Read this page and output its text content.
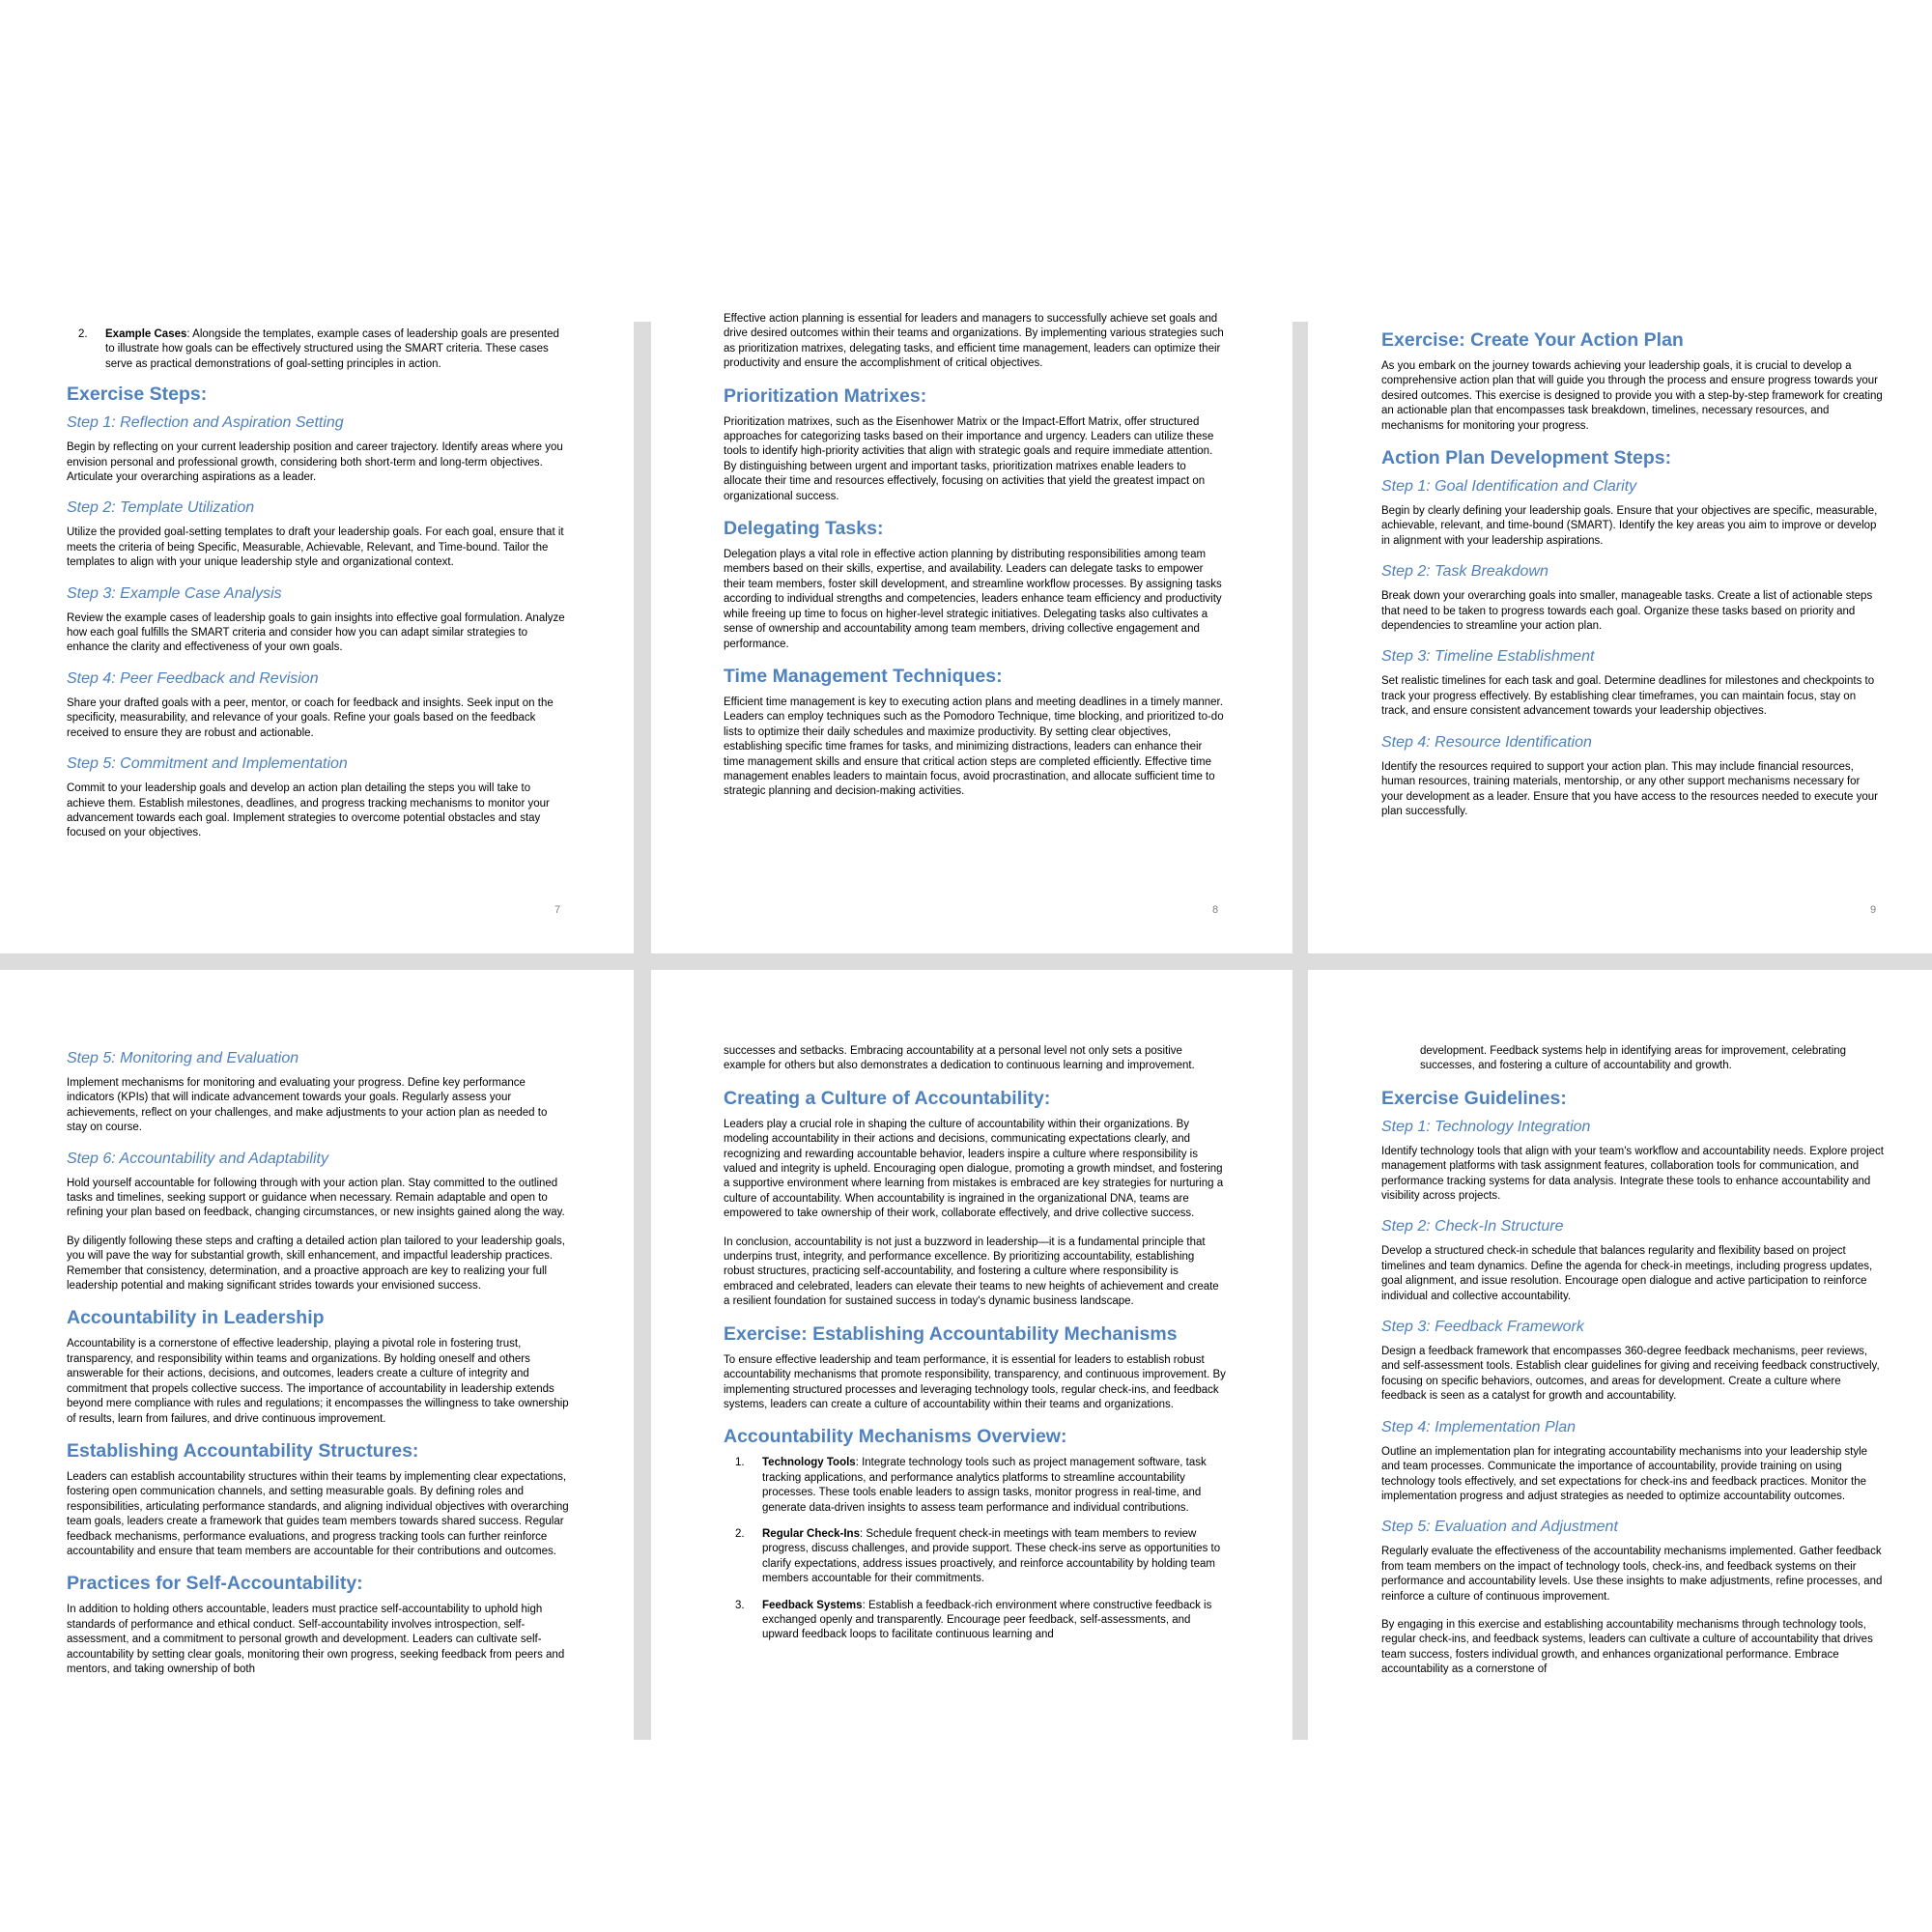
2. Example Cases: Alongside the templates, example cases of leadership goals are presented to illustrate how goals can be effectively structured using the SMART criteria. These cases serve as practical demonstrations of goal-setting principles in action.
Exercise Steps:
Step 1: Reflection and Aspiration Setting

Begin by reflecting on your current leadership position and career trajectory. Identify areas where you envision personal and professional growth, considering both short-term and long-term objectives. Articulate your overarching aspirations as a leader.

Step 2: Template Utilization

Utilize the provided goal-setting templates to draft your leadership goals. For each goal, ensure that it meets the criteria of being Specific, Measurable, Achievable, Relevant, and Time-bound. Tailor the templates to align with your unique leadership style and organizational context.

Step 3: Example Case Analysis

Review the example cases of leadership goals to gain insights into effective goal formulation. Analyze how each goal fulfills the SMART criteria and consider how you can adapt similar strategies to enhance the clarity and effectiveness of your own goals.

Step 4: Peer Feedback and Revision

Share your drafted goals with a peer, mentor, or coach for feedback and insights. Seek input on the specificity, measurability, and relevance of your goals. Refine your goals based on the feedback received to ensure they are robust and actionable.

Step 5: Commitment and Implementation

Commit to your leadership goals and develop an action plan detailing the steps you will take to achieve them. Establish milestones, deadlines, and progress tracking mechanisms to monitor your advancement towards each goal. Implement strategies to overcome potential obstacles and stay focused on your objectives.

7

Effective action planning is essential for leaders and managers to successfully achieve set goals and drive desired outcomes within their teams and organizations. By implementing various strategies such as prioritization matrixes, delegating tasks, and efficient time management, leaders can optimize their productivity and ensure the accomplishment of critical objectives.

Prioritization Matrixes:

Prioritization matrixes, such as the Eisenhower Matrix or the Impact-Effort Matrix, offer structured approaches for categorizing tasks based on their importance and urgency. Leaders can utilize these tools to identify high-priority activities that align with strategic goals and require immediate attention. By distinguishing between urgent and important tasks, prioritization matrixes enable leaders to allocate their time and resources effectively, focusing on activities that yield the greatest impact on organizational success.

Delegating Tasks:

Delegation plays a vital role in effective action planning by distributing responsibilities among team members based on their skills, expertise, and availability. Leaders can delegate tasks to empower their team members, foster skill development, and streamline workflow processes. By assigning tasks according to individual strengths and competencies, leaders enhance team efficiency and productivity while freeing up time to focus on higher-level strategic initiatives. Delegating tasks also cultivates a sense of ownership and accountability among team members, driving collective engagement and performance.

Time Management Techniques:

Efficient time management is key to executing action plans and meeting deadlines in a timely manner. Leaders can employ techniques such as the Pomodoro Technique, time blocking, and prioritized to-do lists to optimize their daily schedules and maximize productivity. By setting clear objectives, establishing specific time frames for tasks, and minimizing distractions, leaders can enhance their time management skills and ensure that critical action steps are completed efficiently. Effective time management enables leaders to maintain focus, avoid procrastination, and allocate sufficient time to strategic planning and decision-making activities.

8
Exercise: Create Your Action Plan

As you embark on the journey towards achieving your leadership goals, it is crucial to develop a comprehensive action plan that will guide you through the process and ensure progress towards your desired outcomes. This exercise is designed to provide you with a step-by-step framework for creating an actionable plan that encompasses task breakdown, timelines, necessary resources, and mechanisms for monitoring your progress.

Action Plan Development Steps:
Step 1: Goal Identification and Clarity

Begin by clearly defining your leadership goals. Ensure that your objectives are specific, measurable, achievable, relevant, and time-bound (SMART). Identify the key areas you aim to improve or develop in alignment with your leadership aspirations.

Step 2: Task Breakdown

Break down your overarching goals into smaller, manageable tasks. Create a list of actionable steps that need to be taken to progress towards each goal. Organize these tasks based on priority and dependencies to streamline your action plan.

Step 3: Timeline Establishment

Set realistic timelines for each task and goal. Determine deadlines for milestones and checkpoints to track your progress effectively. By establishing clear timeframes, you can maintain focus, stay on track, and ensure consistent advancement towards your leadership objectives.

Step 4: Resource Identification

Identify the resources required to support your action plan. This may include financial resources, human resources, training materials, mentorship, or any other support mechanisms necessary for your development as a leader. Ensure that you have access to the resources needed to execute your plan successfully.

9
Step 5: Monitoring and Evaluation

Implement mechanisms for monitoring and evaluating your progress. Define key performance indicators (KPIs) that will indicate advancement towards your goals. Regularly assess your achievements, reflect on your challenges, and make adjustments to your action plan as needed to stay on course.

Step 6: Accountability and Adaptability

Hold yourself accountable for following through with your action plan. Stay committed to the outlined tasks and timelines, seeking support or guidance when necessary. Remain adaptable and open to refining your plan based on feedback, changing circumstances, or new insights gained along the way.

By diligently following these steps and crafting a detailed action plan tailored to your leadership goals, you will pave the way for substantial growth, skill enhancement, and impactful leadership practices. Remember that consistency, determination, and a proactive approach are key to realizing your full leadership potential and making significant strides towards your envisioned success.

Accountability in Leadership

Accountability is a cornerstone of effective leadership, playing a pivotal role in fostering trust, transparency, and responsibility within teams and organizations. By holding oneself and others answerable for their actions, decisions, and outcomes, leaders create a culture of integrity and commitment that propels collective success. The importance of accountability in leadership extends beyond mere compliance with rules and regulations; it encompasses the willingness to take ownership of results, learn from failures, and drive continuous improvement.

Establishing Accountability Structures:

Leaders can establish accountability structures within their teams by implementing clear expectations, fostering open communication channels, and setting measurable goals. By defining roles and responsibilities, articulating performance standards, and aligning individual objectives with overarching team goals, leaders create a framework that guides team members towards shared success. Regular feedback mechanisms, performance evaluations, and progress tracking tools can further reinforce accountability and ensure that team members are accountable for their contributions and outcomes.

Practices for Self-Accountability:

In addition to holding others accountable, leaders must practice self-accountability to uphold high standards of performance and ethical conduct. Self-accountability involves introspection, self-assessment, and a commitment to personal growth and development. Leaders can cultivate self-accountability by setting clear goals, monitoring their own progress, seeking feedback from peers and mentors, and taking ownership of both

successes and setbacks. Embracing accountability at a personal level not only sets a positive example for others but also demonstrates a dedication to continuous learning and improvement.

Creating a Culture of Accountability:

Leaders play a crucial role in shaping the culture of accountability within their organizations. By modeling accountability in their actions and decisions, communicating expectations clearly, and recognizing and rewarding accountable behavior, leaders inspire a culture where responsibility is valued and integrity is upheld. Encouraging open dialogue, promoting a growth mindset, and fostering a supportive environment where learning from mistakes is embraced are key strategies for nurturing a culture of accountability. When accountability is ingrained in the organizational DNA, teams are empowered to take ownership of their work, collaborate effectively, and drive collective success.

In conclusion, accountability is not just a buzzword in leadership—it is a fundamental principle that underpins trust, integrity, and performance excellence. By prioritizing accountability, establishing robust structures, practicing self-accountability, and fostering a culture where responsibility is embraced and celebrated, leaders can elevate their teams to new heights of achievement and create a resilient foundation for sustained success in today's dynamic business landscape.

Exercise: Establishing Accountability Mechanisms

To ensure effective leadership and team performance, it is essential for leaders to establish robust accountability mechanisms that promote responsibility, transparency, and continuous improvement. By implementing structured processes and leveraging technology tools, regular check-ins, and feedback systems, leaders can create a culture of accountability within their teams and organizations.

Accountability Mechanisms Overview:
1. Technology Tools: Integrate technology tools such as project management software, task tracking applications, and performance analytics platforms to streamline accountability processes. These tools enable leaders to assign tasks, monitor progress in real-time, and generate data-driven insights to assess team performance and individual contributions.
2. Regular Check-Ins: Schedule frequent check-in meetings with team members to review progress, discuss challenges, and provide support. These check-ins serve as opportunities to clarify expectations, address issues proactively, and reinforce accountability by holding team members accountable for their commitments.
3. Feedback Systems: Establish a feedback-rich environment where constructive feedback is exchanged openly and transparently. Encourage peer feedback, self-assessments, and upward feedback loops to facilitate continuous learning and

development. Feedback systems help in identifying areas for improvement, celebrating successes, and fostering a culture of accountability and growth.

Exercise Guidelines:
Step 1: Technology Integration

Identify technology tools that align with your team's workflow and accountability needs. Explore project management platforms with task assignment features, collaboration tools for communication, and performance tracking systems for data analysis. Integrate these tools to enhance accountability and visibility across projects.

Step 2: Check-In Structure

Develop a structured check-in schedule that balances regularity and flexibility based on project timelines and team dynamics. Define the agenda for check-in meetings, including progress updates, goal alignment, and issue resolution. Encourage open dialogue and active participation to reinforce individual and collective accountability.

Step 3: Feedback Framework

Design a feedback framework that encompasses 360-degree feedback mechanisms, peer reviews, and self-assessment tools. Establish clear guidelines for giving and receiving feedback constructively, focusing on specific behaviors, outcomes, and areas for development. Create a culture where feedback is seen as a catalyst for growth and accountability.

Step 4: Implementation Plan

Outline an implementation plan for integrating accountability mechanisms into your leadership style and team processes. Communicate the importance of accountability, provide training on using technology tools effectively, and set expectations for check-ins and feedback practices. Monitor the implementation progress and adjust strategies as needed to optimize accountability outcomes.

Step 5: Evaluation and Adjustment

Regularly evaluate the effectiveness of the accountability mechanisms implemented. Gather feedback from team members on the impact of technology tools, check-ins, and feedback systems on their performance and accountability levels. Use these insights to make adjustments, refine processes, and reinforce a culture of continuous improvement.

By engaging in this exercise and establishing accountability mechanisms through technology tools, regular check-ins, and feedback systems, leaders can cultivate a culture of accountability that drives team success, fosters individual growth, and enhances organizational performance. Embrace accountability as a cornerstone of
